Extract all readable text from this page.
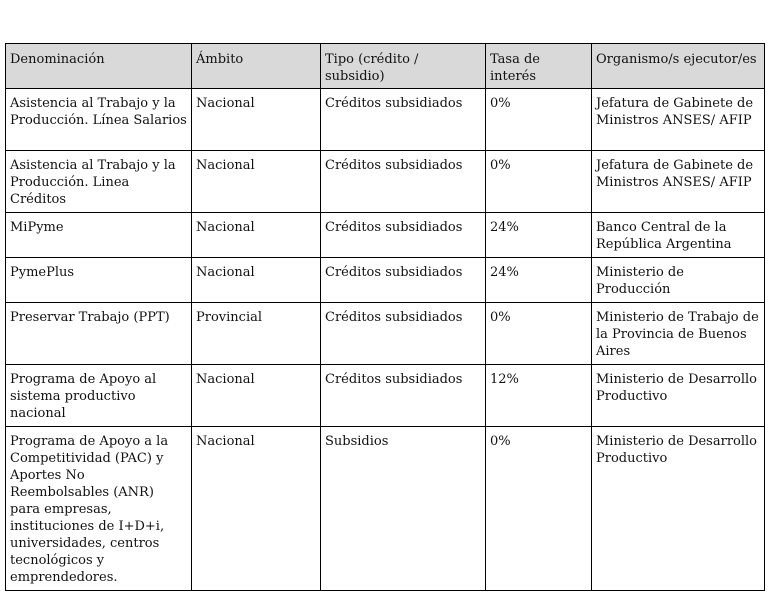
Denominación	Ámbito	Tipo (crédito / subsidio)	Tasa de interés	Organismo/s ejecutor/es
Asistencia al Trabajo y la Producción. Línea Salarios	Nacional	Créditos subsidiados	0%	Jefatura de Gabinete de Ministros ANSES/ AFIP
Asistencia al Trabajo y la Producción. Linea Créditos	Nacional	Créditos subsidiados	0%	Jefatura de Gabinete de Ministros ANSES/ AFIP
MiPyme	Nacional	Créditos subsidiados	24%	Banco Central de la República Argentina
PymePlus	Nacional	Créditos subsidiados	24%	Ministerio de Producción
Preservar Trabajo (PPT)	Provincial	Créditos subsidiados	0%	Ministerio de Trabajo de la Provincia de Buenos Aires
Programa de Apoyo al sistema productivo nacional	Nacional	Créditos subsidiados	12%	Ministerio de Desarrollo Productivo
Programa de Apoyo a la Competitividad (PAC) y Aportes No Reembolsables (ANR) para empresas, instituciones de I+D+i, universidades, centros tecnológicos y emprendedores.	Nacional	Subsidios	0%	Ministerio de Desarrollo Productivo
